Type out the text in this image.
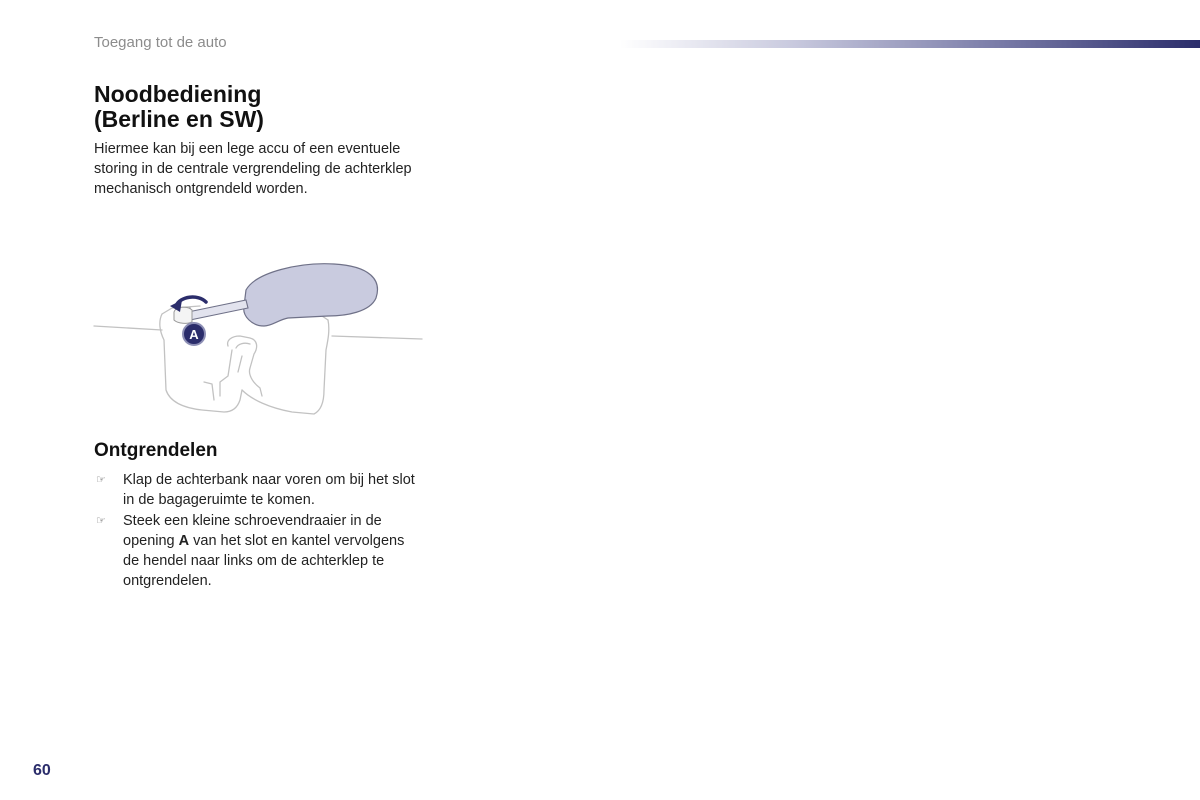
Toegang tot de auto
Noodbediening
(Berline en SW)

Hiermee kan bij een lege accu of een eventuele storing in de centrale vergrendeling de achterklep mechanisch ontgrendeld worden.

A
Ontgrendelen
☞ Klap de achterbank naar voren om bij het slot in de bagageruimte te komen.
☞ Steek een kleine schroevendraaier in de opening A van het slot en kantel vervolgens de hendel naar links om de achterklep te ontgrendelen.
60
